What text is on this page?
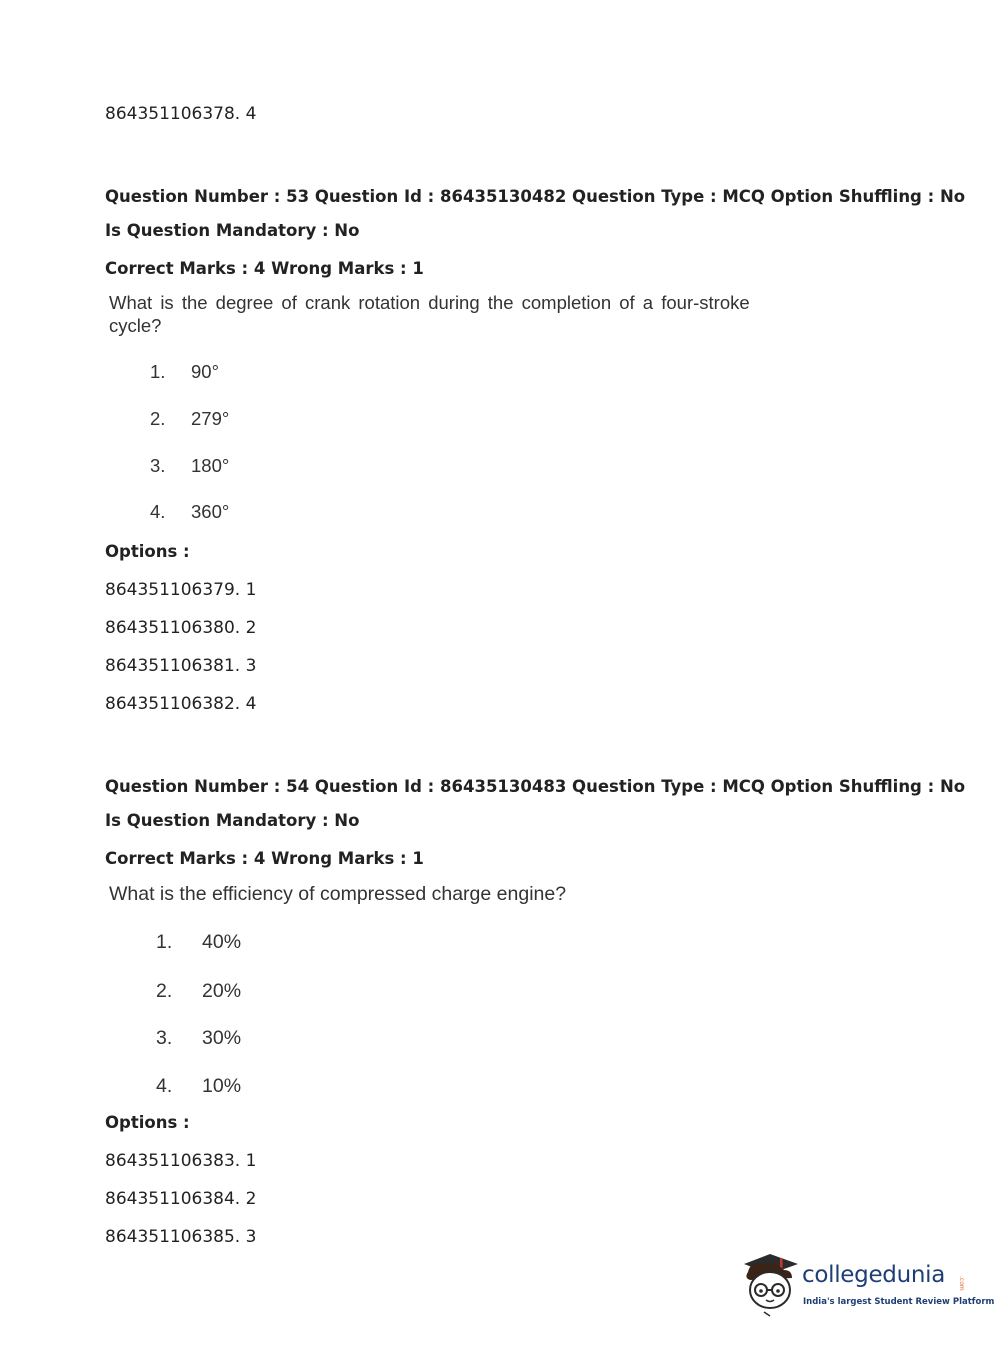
864351106378. 4
Question Number : 53 Question Id : 86435130482 Question Type : MCQ Option Shuffling : No
Is Question Mandatory : No
Correct Marks : 4 Wrong Marks : 1
What is the degree of crank rotation during the completion of a four-stroke
cycle?
1. 90°
2. 279°
3. 180°
4. 360°
Options :
864351106379. 1
864351106380. 2
864351106381. 3
864351106382. 4
Question Number : 54 Question Id : 86435130483 Question Type : MCQ Option Shuffling : No
Is Question Mandatory : No
Correct Marks : 4 Wrong Marks : 1
What is the efficiency of compressed charge engine?
1. 40%
2. 20%
3. 30%
4. 10%
Options :
864351106383. 1
864351106384. 2
864351106385. 3
collegedunia .com
India's largest Student Review Platform
